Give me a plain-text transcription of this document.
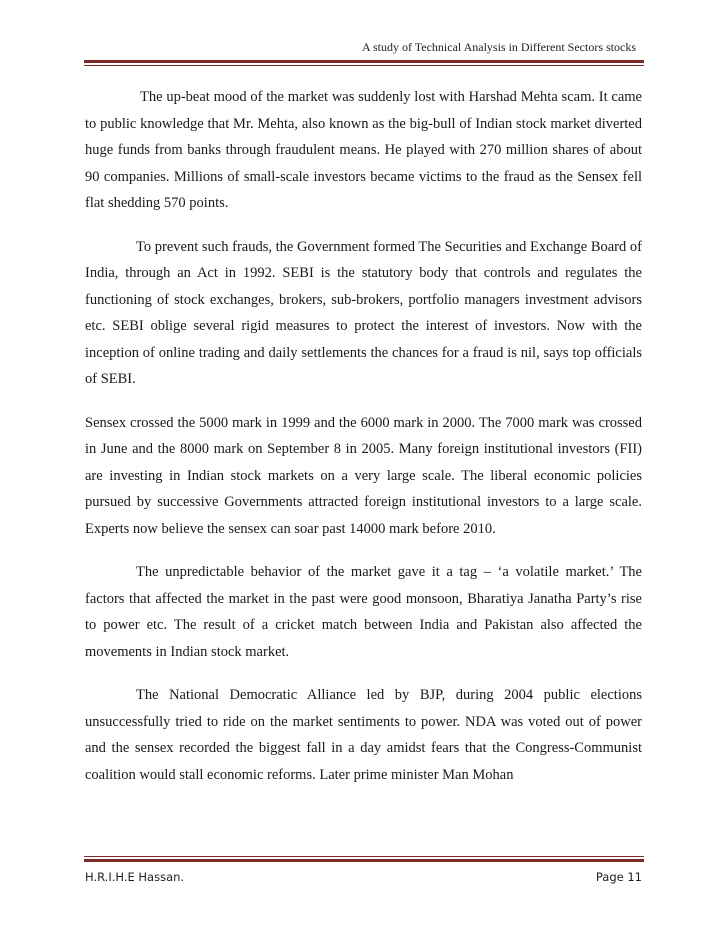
A study of Technical Analysis in Different Sectors stocks

The up-beat mood of the market was suddenly lost with Harshad Mehta scam. It came to public knowledge that Mr. Mehta, also known as the big-bull of Indian stock market diverted huge funds from banks through fraudulent means. He played with 270 million shares of about 90 companies. Millions of small-scale investors became victims to the fraud as the Sensex fell flat shedding 570 points.

To prevent such frauds, the Government formed The Securities and Exchange Board of India, through an Act in 1992. SEBI is the statutory body that controls and regulates the functioning of stock exchanges, brokers, sub-brokers, portfolio managers investment advisors etc. SEBI oblige several rigid measures to protect the interest of investors. Now with the inception of online trading and daily settlements the chances for a fraud is nil, says top officials of SEBI.

Sensex crossed the 5000 mark in 1999 and the 6000 mark in 2000. The 7000 mark was crossed in June and the 8000 mark on September 8 in 2005. Many foreign institutional investors (FII) are investing in Indian stock markets on a very large scale. The liberal economic policies pursued by successive Governments attracted foreign institutional investors to a large scale. Experts now believe the sensex can soar past 14000 mark before 2010.

The unpredictable behavior of the market gave it a tag – ‘a volatile market.’ The factors that affected the market in the past were good monsoon, Bharatiya Janatha Party’s rise to power etc. The result of a cricket match between India and Pakistan also affected the movements in Indian stock market.

The National Democratic Alliance led by BJP, during 2004 public elections unsuccessfully tried to ride on the market sentiments to power. NDA was voted out of power and the sensex recorded the biggest fall in a day amidst fears that the Congress-Communist coalition would stall economic reforms. Later prime minister Man Mohan

H.R.I.H.E Hassan.	Page 11
